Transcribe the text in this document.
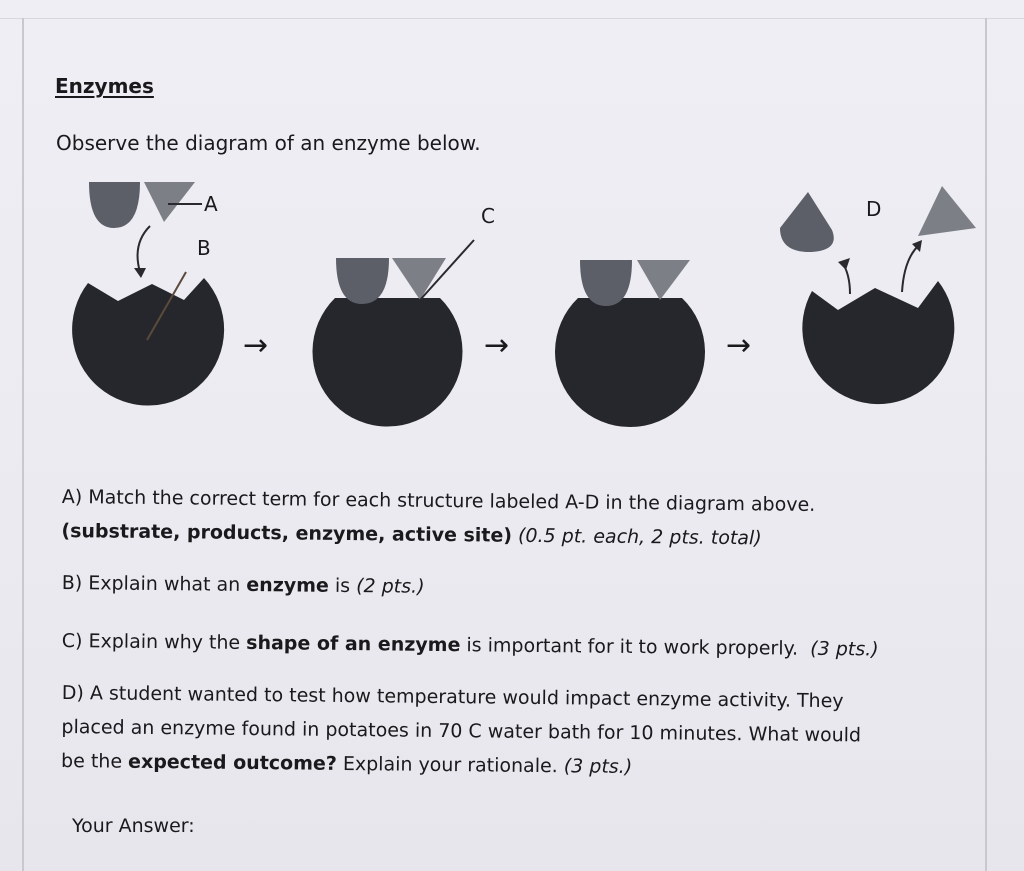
Enzymes
Observe the diagram of an enzyme below.
A
B
→
C
→	→
D
A) Match the correct term for each structure labeled A-D in the diagram above.
(substrate, products, enzyme, active site) (0.5 pt. each, 2 pts. total)
B) Explain what an enzyme is (2 pts.)
C) Explain why the shape of an enzyme is important for it to work properly. (3 pts.)
D) A student wanted to test how temperature would impact enzyme activity. They
placed an enzyme found in potatoes in 70 C water bath for 10 minutes. What would
be the expected outcome? Explain your rationale. (3 pts.)
Your Answer:
